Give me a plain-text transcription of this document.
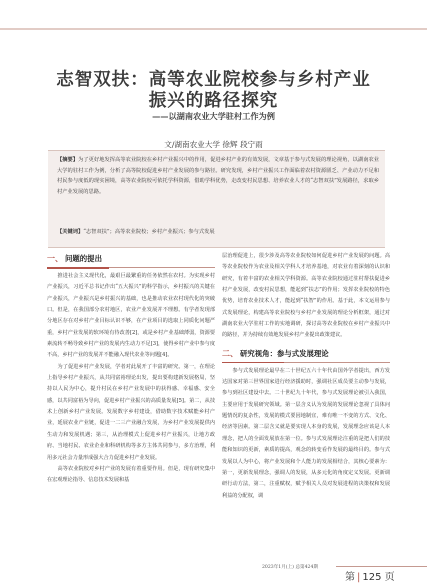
志智双扶：高等农业院校参与乡村产业
振兴的路径探究
——以湖南农业大学驻村工作为例
文/湖南农业大学 徐辉 段宁雨
【摘要】为了更好地发挥高等农业院校在乡村产业振兴中的作用，促进乡村产业的有效发展，文章基于参与式发展的理论视角，以湖南农业大学的驻村工作为例，分析了高等院校促进乡村产业发展的参与路径。研究发现，乡村产业振兴工作面临着农村资源匮乏、产业动力不足和村民参与度低的现实困境，高等农业院校可依托学科资源，借助学科优势，走改变村民思想、培养农业人才的“志智双扶”发展路径，求取乡村产业发展的思路。
【关键词】“志智双扶”；高等农业院校；乡村产业振兴；参与式发展
一、 问题的提出

推进社会主义现代化，最艰巨最繁重的任务依然在农村。为实现乡村产业振兴，习近平总书记作出“五大振兴”的科学指示，乡村振兴的关键在产业振兴，产业振兴是乡村振兴的基础，也是推动农业农村现代化的突破口。但是，在我国部分农村地区，农业产业发展并不理想。有学者发现部分地区存在对乡村产业目标认识不够，在产业项目的选取上同质化问题严重，乡村产业发展的软环境有待改善[2]，或是乡村产业基础薄弱，资源要素流转不畅导致乡村产业的发展内生动力不足[3]，使得乡村产业中参与度不高，乡村产业的发展并不能融入现代农业等问题[4]。

为了促进乡村产业发展，学者对此展开了丰富的研究。第一，在理论上指导乡村产业振兴，从共同富裕理论出发，提出要构建新发展格局，坚持以人民为中心，提升村民在乡村产业发展中的获得感、幸福感、安全感，以共同富裕为导向，促进乡村产业振兴的高质量发展[5]。第二，从技术上创新乡村产业发展。发展数字乡村建设，借助数字技术赋能乡村产业，延展农业产业链，促进一二三产业融合发展，为乡村产业发展提供内生动力和发展机遇；第三，从治理模式上促进乡村产业振兴，让地方政府、当地村民、农业企业和科研机构等多方主体共同参与，多方治理，利用多元社会力量形成强大合力促进乡村产业发展。

高等农业院校对乡村产业的发展有着重要作用。但是，现有研究集中在宏观理论指导、信息技术发展和基

层治理促进上，很少涉及高等农业院校如何促进乡村产业发展的问题。高等农业院校作为农业及相关学科人才培养基地，对农业有着深刻的认识和研究，有着丰富的农业相关学科资源。高等农业院校通过驻村帮扶促进乡村产业发展，改变村民思想，能起到“扶志”的作用；发挥农业院校的特色优势，培育农业技术人才，能起到“扶智”的作用。基于此，本文运用参与式发展理论，构建高等农业院校与乡村产业发展的理论分析框架，通过对湖南农业大学驻村工作的实地调研，探讨高等农业院校在乡村产业振兴中的路径，并为持续有效地发展乡村产业提出政策建议。

二、 研究视角：参与式发展理论

参与式发展理论最早在二十世纪五六十年代由国外学者提出，西方发达国家对第三世界国家进行经济援助时，强调社区成员要主动参与发展，参与到社区建设中去。二十世纪九十年代，参与式发展理论被引入我国，主要应用于发展研究领域。第一层含义认为发展的发展理论忽视了具体问题情况的复杂性，发展的模式要因地制宜，难有唯一不变的方式、文化、经济等因素。第二层含义就是要实现人本身的发展，发展理念应该是人本理念，把人的全面发展放在第一位。参与式发展理论注重的是把人们的技能和知识的更新，素质的提高，观念的转变看作发展的最终目的。参与式发展以人为中心，将产业发展和个人能力的发展相结合，其核心要素为：第一，更新发展理念，强调人的发展，从多元化的角度定义发展。更新调研行动方法，第二，注重赋权，赋予相关人员对发展进程的决策权和发展利益的分配权，调

2023年1月(上) 总第424期
第 | 125 页
